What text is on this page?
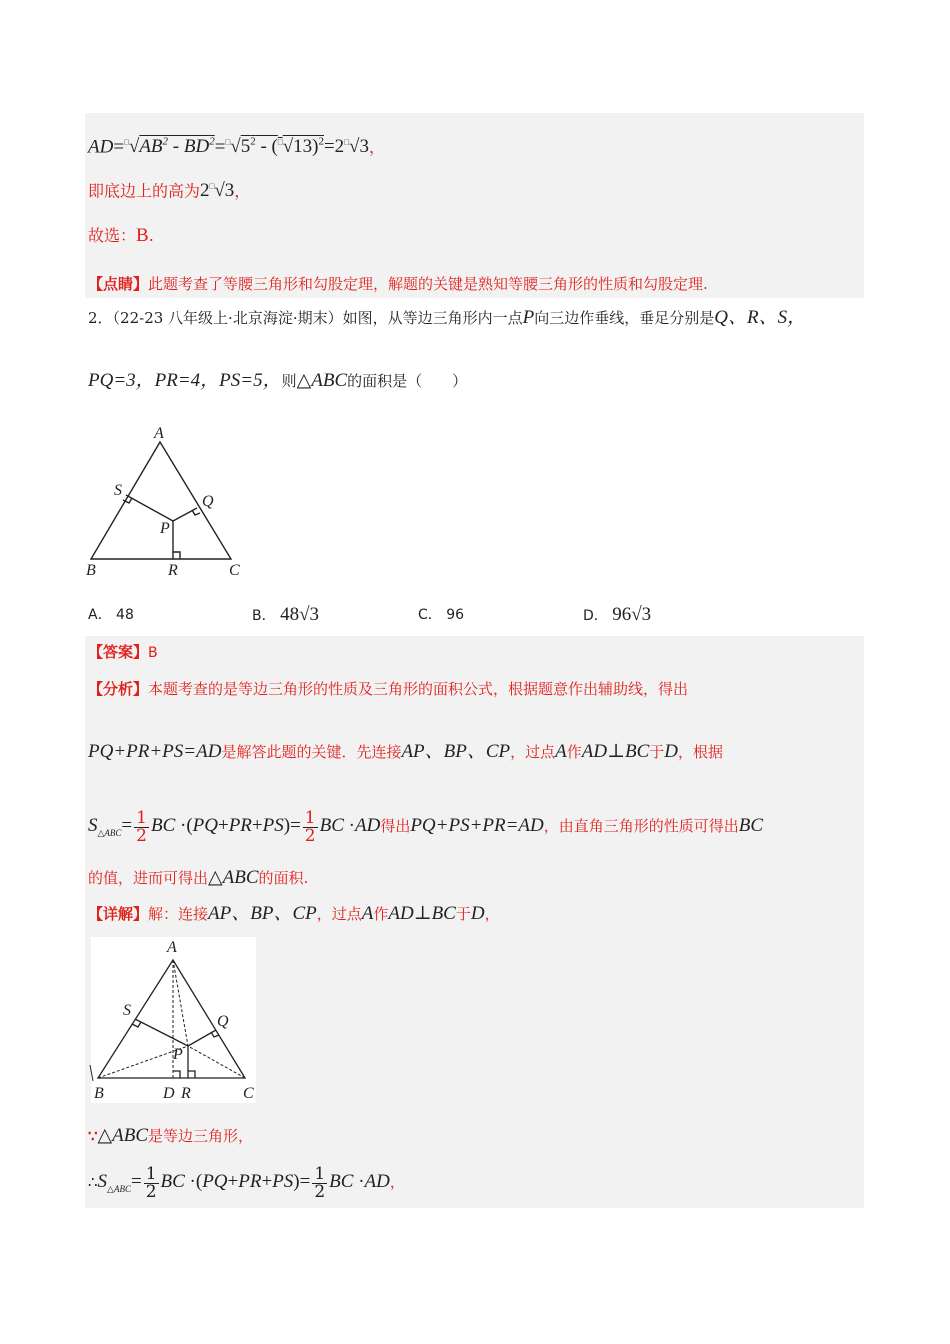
$AD=^□√AB^2 - BD^2=^□√5^2 - (^□√13)^2=2^□√3$，
即底边上的高为2□√3，
故选：B.
【点睛】此题考查了等腰三角形和勾股定理，解题的关键是熟知等腰三角形的性质和勾股定理.
2．（22-23 八年级上·北京海淀·期末）如图，从等边三角形内一点P向三边作垂线，垂足分别是Q、R、S，
PQ=3，PR=4，PS=5，则△ABC的面积是（　　）
A
S
Q
P
B	R	C
A． 48	B． 48√3	C． 96	D． 96√3
【答案】B
【分析】本题考查的是等边三角形的性质及三角形的面积公式，根据题意作出辅助线，得出
PQ+PR+PS=AD是解答此题的关键．先连接AP、BP、CP，过点A作AD⊥BC于D，根据
$S_{\triangle ABC}= \frac{1}{2}$ BC $\cdot(PQ+PR+PS)= \frac{1}{2}$ BC ·AD得出PQ+PS+PR=AD，由直角三角形的性质可得出BC
的值，进而可得出△ABC的面积.
【详解】解：连接AP、BP、CP，过点A作AD⊥BC于D，
A
S
Q
P
B	D R	C
∵△ABC是等边三角形，
$\therefore S_{\triangle ABC}= \frac{1}{2}$ BC $\cdot(PQ+PR+PS)= \frac{1}{2}$ BC ·AD，
